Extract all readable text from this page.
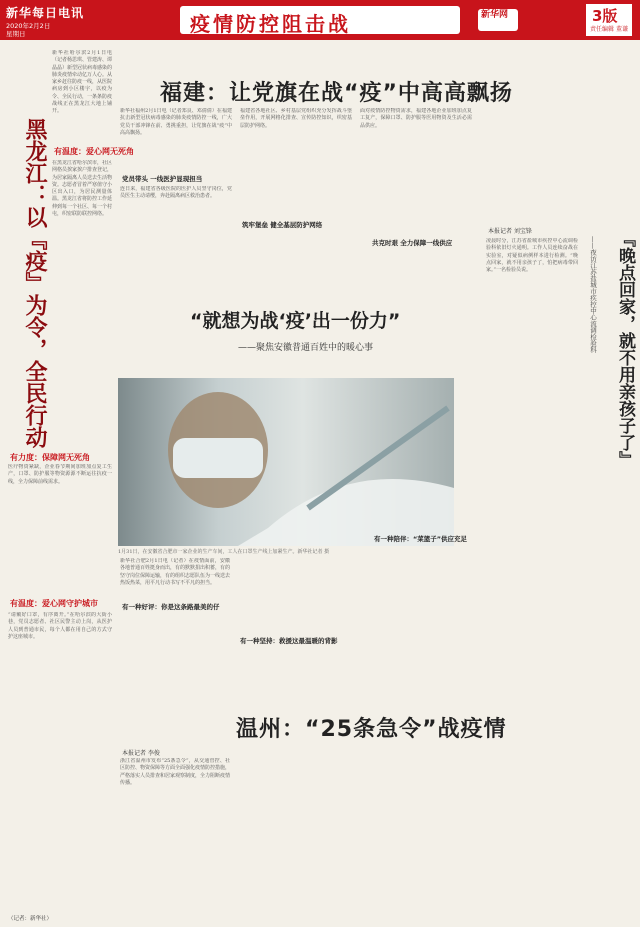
新华每日电讯
2020年2月2日
星期日	疫情防控阻击战	新华网	3版
责任编辑 董谦
黑龙江：以『疫』为令，全民行动
新华社哈尔滨2月1日电（记者杨思琪、管建涛、谭晶晶）新型冠状病毒感染的肺炎疫情牵动亿万人心。从家乡赶往防疫一线，从医院病房到小区楼宇，以疫为令、全民行动，一条条防疫战线正在黑龙江大地上铺开。
有温度：爱心网无死角
在黑龙江省哈尔滨市，社区网格员挨家挨户排查登记，为居家隔离人员送去生活物资。志愿者冒着严寒值守小区出入口，为居民测量体温。黑龙江省将防控工作延伸到每一个社区、每一个村屯，织密联防联控网络。
有力度：保障网无死角
医疗物资紧缺，企业春节期间加班加点复工生产，口罩、防护服等物资源源不断运往抗疫一线，全力保障前线需求。
有温度：爱心网守护城市
“请戴好口罩，有序离开。”在哈尔滨的大街小巷，党员志愿者、社区民警主动上岗，从医护人员到普通市民，每个人都在用自己的方式守护这座城市。
福建：让党旗在战“疫”中高高飘扬
新华社福州2月1日电（记者郑良、邓倩倩）在福建抗击新型冠状病毒感染的肺炎疫情防控一线，广大党员干部冲锋在前、勇挑重担，让党旗在战“疫”中高高飘扬。
党员带头 一线医护显现担当
连日来，福建省各级医院的医护人员坚守岗位，党员医生主动请缨，奔赴隔离病区救治患者。
筑牢堡垒 健全基层防护网络
福建省各地社区、乡村基层党组织充分发挥战斗堡垒作用，开展网格化排查、宣传防控知识，织密基层防护网络。
共克时艰 全力保障一线供应
面对疫情防控物资需求，福建各地企业加班加点复工复产，保障口罩、防护服等医用物资及生活必需品供应。
“就想为战‘疫’出一份力”
——聚焦安徽普通百姓中的暖心事
1月31日，在安徽省合肥市一家企业的生产车间，工人在口罩生产线上加紧生产。新华社记者 摄
新华社合肥2月1日电（记者）在疫情面前，安徽各地普通百姓挺身而出，有的默默捐出积蓄，有的坚守岗位保障运输，有的组织志愿队伍为一线送去热饭热菜，用平凡行动书写不平凡的担当。
有一种好评：你是这条路最美的仔
有一种坚持：救援这最温暖的背影
有一种陪伴：“菜篮子”供应充足
温州：“25条急令”战疫情
本报记者 李俊
浙江省温州市发布“25条急令”，从交通管控、社区防控、物资保障等方面全面强化疫情防控措施，严格落实人员排查和居家观察制度，全力阻断疫情传播。
『晚点回家，就不用亲孩子了』
——夜访江苏盐城市疾控中心流调检验科
本报记者 刘宝锋
凌晨时分，江苏省盐城市疾控中心流调检验科依旧灯火通明。工作人员连续奋战在实验室，对疑似病例样本进行检测。“晚点回家，就不用亲孩子了，怕把病毒带回家。”一名检验员说。
（记者：新华社）
